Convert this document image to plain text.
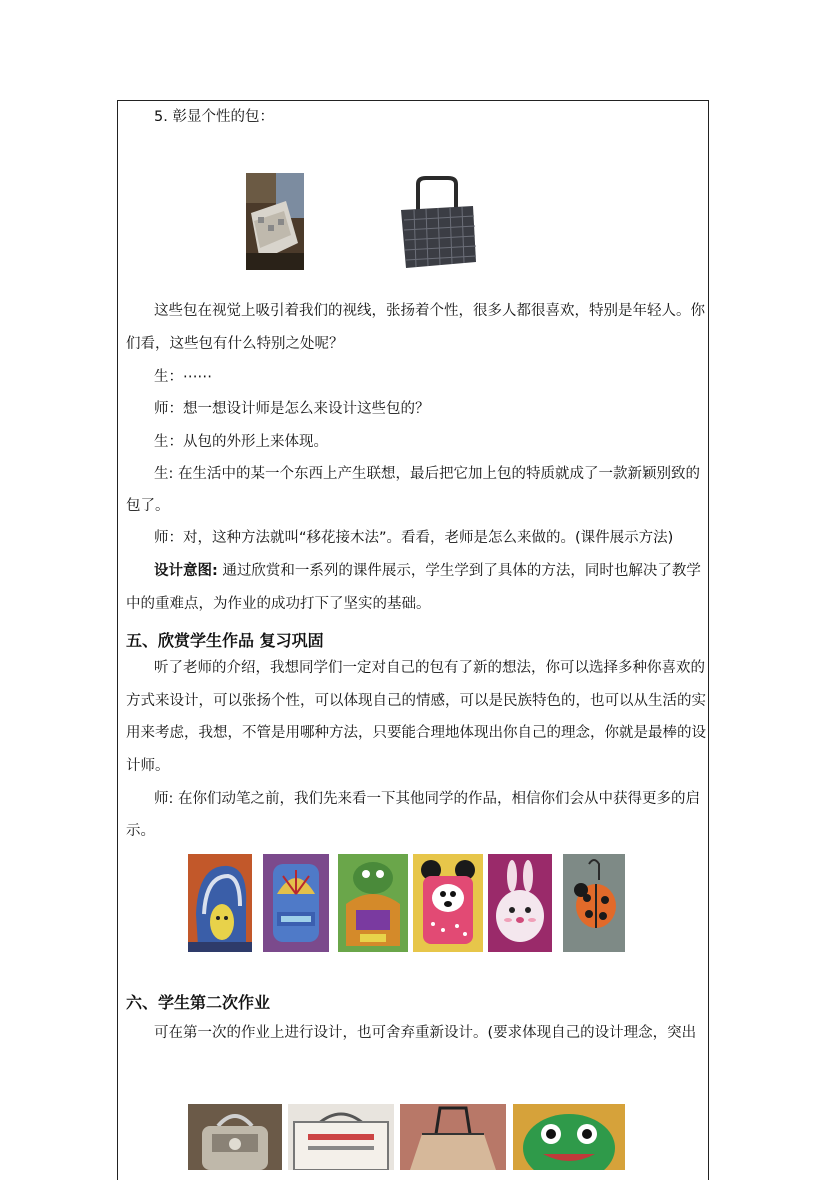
5. 彰显个性的包：

这些包在视觉上吸引着我们的视线，张扬着个性，很多人都很喜欢，特别是年轻人。你

们看，这些包有什么特别之处呢？

生：⋯⋯

师：想一想设计师是怎么来设计这些包的？

生：从包的外形上来体现。

生: 在生活中的某一个东西上产生联想，最后把它加上包的特质就成了一款新颖别致的

包了。

师：对，这种方法就叫“移花接木法”。看看，老师是怎么来做的。(课件展示方法)

设计意图: 通过欣赏和一系列的课件展示，学生学到了具体的方法，同时也解决了教学

中的重难点，为作业的成功打下了坚实的基础。

五、欣赏学生作品 复习巩固

听了老师的介绍，我想同学们一定对自己的包有了新的想法，你可以选择多种你喜欢的

方式来设计，可以张扬个性，可以体现自己的情感，可以是民族特色的，也可以从生活的实

用来考虑，我想，不管是用哪种方法，只要能合理地体现出你自己的理念，你就是最棒的设

计师。

师: 在你们动笔之前，我们先来看一下其他同学的作品，相信你们会从中获得更多的启

示。

六、学生第二次作业

可在第一次的作业上进行设计，也可舍弃重新设计。(要求体现自己的设计理念，突出
